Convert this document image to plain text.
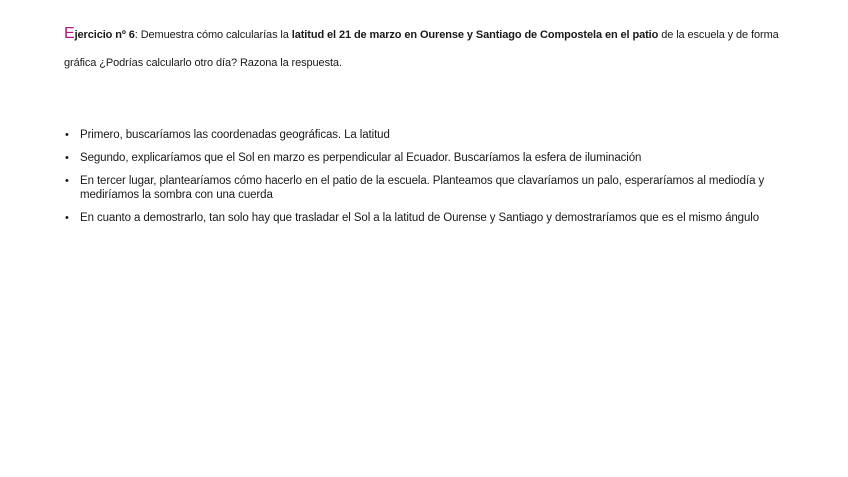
Ejercicio nº 6: Demuestra cómo calcularías la latitud el 21 de marzo en Ourense y Santiago de Compostela en el patio de la escuela y de forma gráfica ¿Podrías calcularlo otro día? Razona la respuesta.

• Primero, buscaríamos las coordenadas geográficas. La latitud
• Segundo, explicaríamos que el Sol en marzo es perpendicular al Ecuador. Buscaríamos la esfera de iluminación
• En tercer lugar, plantearíamos cómo hacerlo en el patio de la escuela. Planteamos que clavaríamos un palo, esperaríamos al mediodía y mediríamos la sombra con una cuerda
• En cuanto a demostrarlo, tan solo hay que trasladar el Sol a la latitud de Ourense y Santiago y demostraríamos que es el mismo ángulo
